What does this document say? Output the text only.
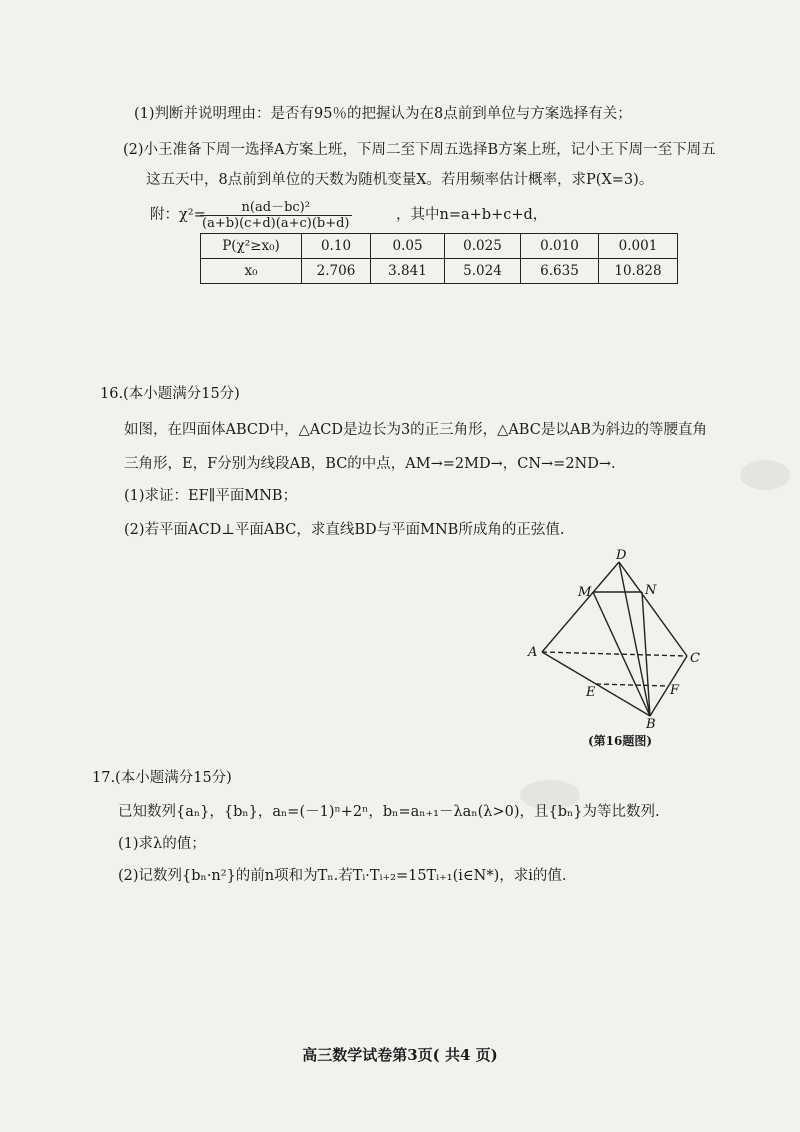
(1)判断并说明理由：是否有95％的把握认为在8点前到单位与方案选择有关；
(2)小王准备下周一选择A方案上班，下周二至下周五选择B方案上班，记小王下周一至下周五
这五天中，8点前到单位的天数为随机变量X。若用频率估计概率，求P(X=3)。
附：χ²=
$\frac{\text{n(ad－bc)²}}{(a+b)(c+d)(a+c)(b+d)}$	，其中n=a+b+c+d，
P(χ²≥x₀)	0.10	0.05	0.025	0.010	0.001
x₀	2.706	3.841	5.024	6.635	10.828
16.(本小题满分15分)
如图，在四面体ABCD中，△ACD是边长为3的正三角形，△ABC是以AB为斜边的等腰直角
三角形，E，F分别为线段AB，BC的中点，AM→=2MD→，CN→=2ND→.
(1)求证：EF∥平面MNB；
(2)若平面ACD⊥平面ABC，求直线BD与平面MNB所成角的正弦值.
D
M	N
A	C
E	F
B
(第16题图)
17.(本小题满分15分)
已知数列{aₙ}，{bₙ}，aₙ=(－1)ⁿ+2ⁿ，bₙ=aₙ₊₁－λaₙ(λ>0)，且{bₙ}为等比数列.
(1)求λ的值；
(2)记数列{bₙ·n²}的前n项和为Tₙ.若Tᵢ·Tᵢ₊₂=15Tᵢ₊₁(i∈N*)，求i的值.
高三数学试卷第3页( 共4 页)
